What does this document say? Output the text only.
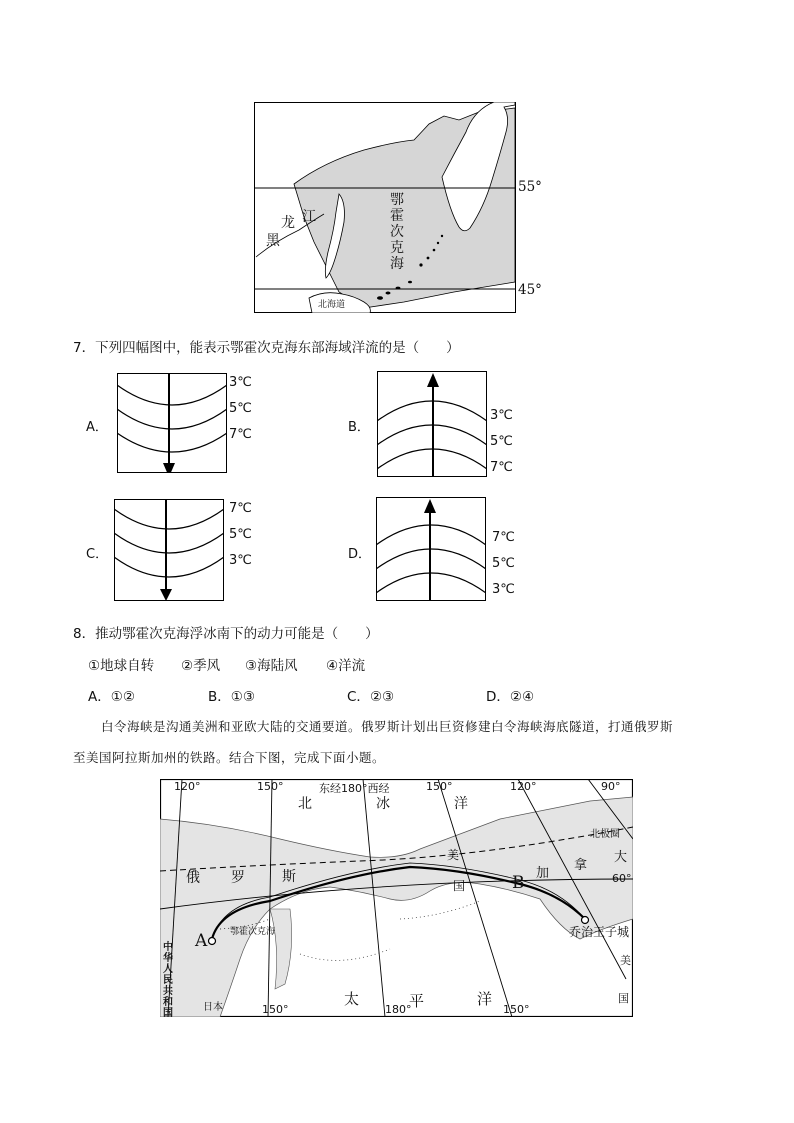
55°
45°
龙 江
黑
鄂
霍
次
克
海
北海道
7．下列四幅图中，能表示鄂霍次克海东部海域洋流的是（　　）
A．
3℃
5℃
7℃	B．
3℃
5℃
7℃
C．
7℃
5℃
3℃	D．
7℃
5℃
3℃
8．推动鄂霍次克海浮冰南下的动力可能是（　　）
①地球自转 ②季风 ③海陆风 ④洋流
A．①②	B．①③	C．②③	D．②④
白令海峡是沟通美洲和亚欧大陆的交通要道。俄罗斯计划出巨资修建白令海峡海底隧道，打通俄罗斯
至美国阿拉斯加州的铁路。结合下图，完成下面小题。
120°	150°	东经180°西经	150°	120°	90°
150°	180°	150°
60°
北	冰	洋
俄 罗	斯
美
国
加
拿
大
北极圈
A
B
乔治王子城
鄂霍次克海
太	平	洋
中
华
人
民
共
和
国
日本
美
国
